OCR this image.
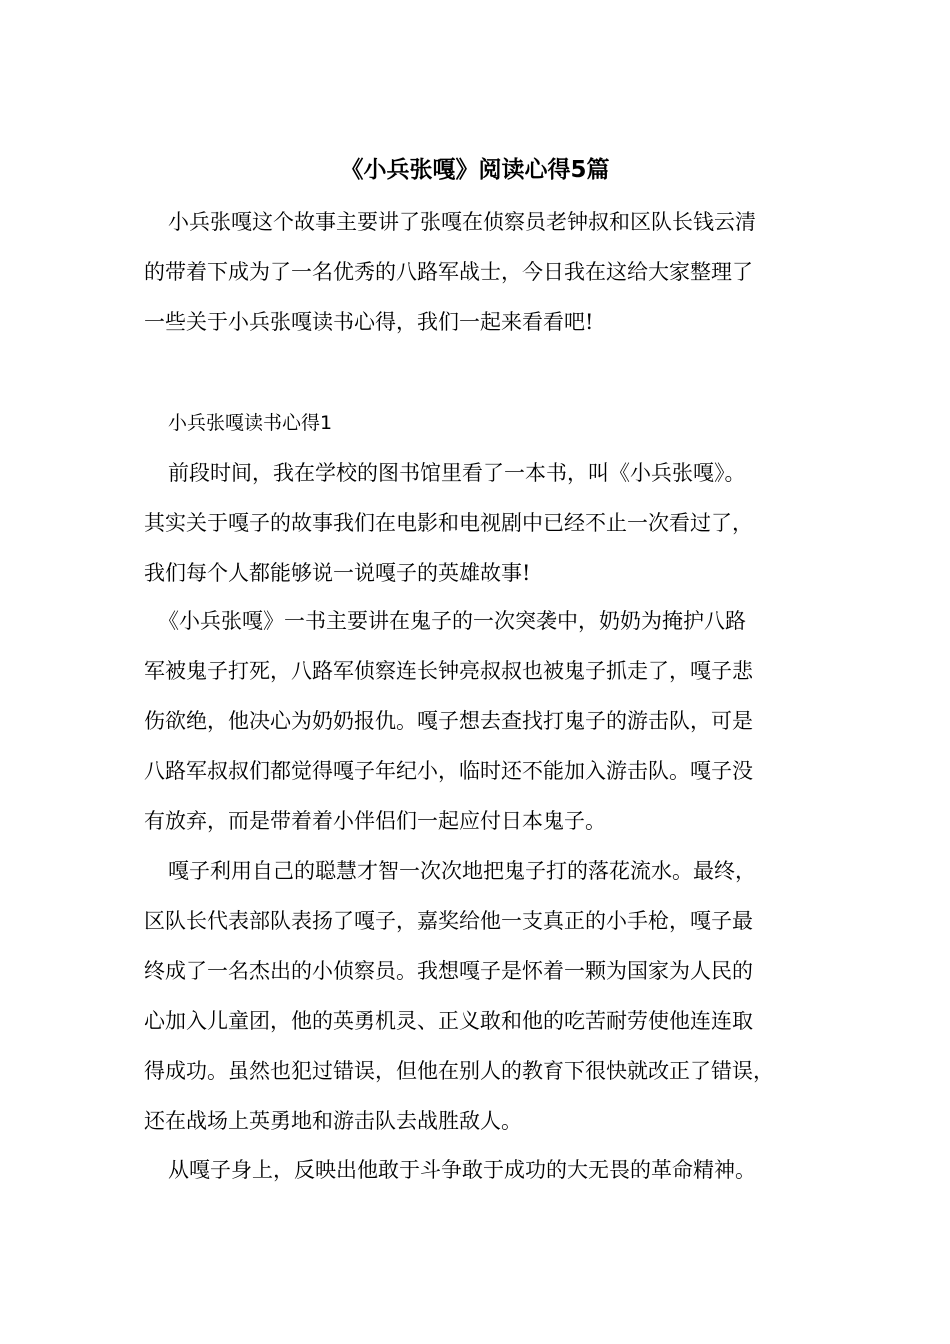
《小兵张嘎》阅读心得5篇

小兵张嘎这个故事主要讲了张嘎在侦察员老钟叔和区队长钱云清
的带着下成为了一名优秀的八路军战士，今日我在这给大家整理了
一些关于小兵张嘎读书心得，我们一起来看看吧!

小兵张嘎读书心得1

前段时间，我在学校的图书馆里看了一本书，叫《小兵张嘎》。
其实关于嘎子的故事我们在电影和电视剧中已经不止一次看过了，
我们每个人都能够说一说嘎子的英雄故事!

《小兵张嘎》一书主要讲在鬼子的一次突袭中，奶奶为掩护八路
军被鬼子打死，八路军侦察连长钟亮叔叔也被鬼子抓走了，嘎子悲
伤欲绝，他决心为奶奶报仇。嘎子想去查找打鬼子的游击队，可是
八路军叔叔们都觉得嘎子年纪小，临时还不能加入游击队。嘎子没
有放弃，而是带着着小伴侣们一起应付日本鬼子。

嘎子利用自己的聪慧才智一次次地把鬼子打的落花流水。最终，
区队长代表部队表扬了嘎子，嘉奖给他一支真正的小手枪，嘎子最
终成了一名杰出的小侦察员。我想嘎子是怀着一颗为国家为人民的
心加入儿童团，他的英勇机灵、正义敢和他的吃苦耐劳使他连连取
得成功。虽然也犯过错误，但他在别人的教育下很快就改正了错误，
还在战场上英勇地和游击队去战胜敌人。

从嘎子身上，反映出他敢于斗争敢于成功的大无畏的革命精神。
